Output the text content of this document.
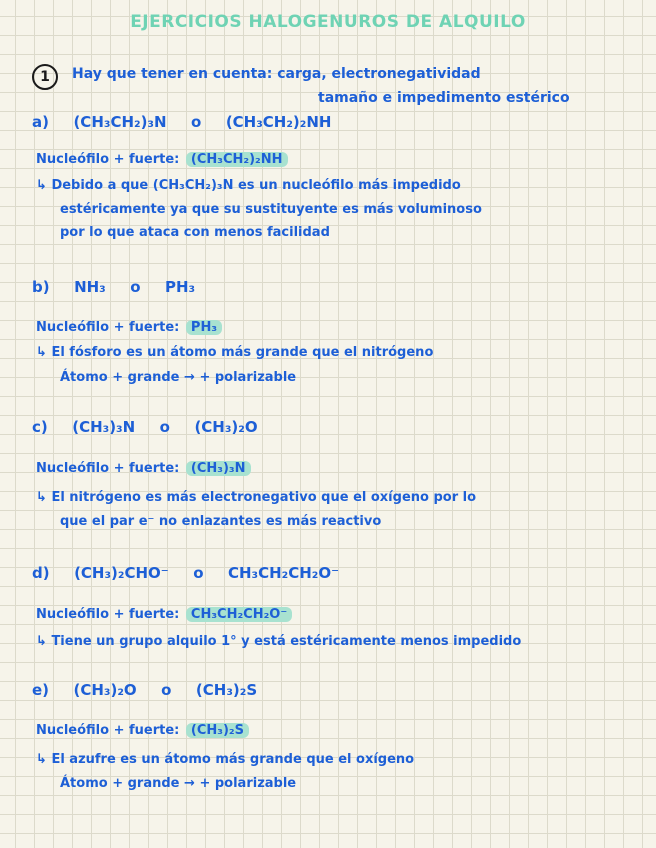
EJERCICIOS HALOGENUROS DE ALQUILO
1	Hay que tener en cuenta: carga, electronegatividad
tamaño e impedimento estérico
a) (CH₃CH₂)₃N o (CH₃CH₂)₂NH
Nucleófilo + fuerte: (CH₃CH₂)₂NH
↳ Debido a que (CH₃CH₂)₃N es un nucleófilo más impedido
estéricamente ya que su sustituyente es más voluminoso
por lo que ataca con menos facilidad
b) NH₃ o PH₃
Nucleófilo + fuerte: PH₃
↳ El fósforo es un átomo más grande que el nitrógeno
Átomo + grande → + polarizable
c) (CH₃)₃N o (CH₃)₂O
Nucleófilo + fuerte: (CH₃)₃N
↳ El nitrógeno es más electronegativo que el oxígeno por lo
que el par e⁻ no enlazantes es más reactivo
d) (CH₃)₂CHO⁻ o CH₃CH₂CH₂O⁻
Nucleófilo + fuerte: CH₃CH₂CH₂O⁻
↳ Tiene un grupo alquilo 1° y está estéricamente menos impedido
e) (CH₃)₂O o (CH₃)₂S
Nucleófilo + fuerte: (CH₃)₂S
↳ El azufre es un átomo más grande que el oxígeno
Átomo + grande → + polarizable
